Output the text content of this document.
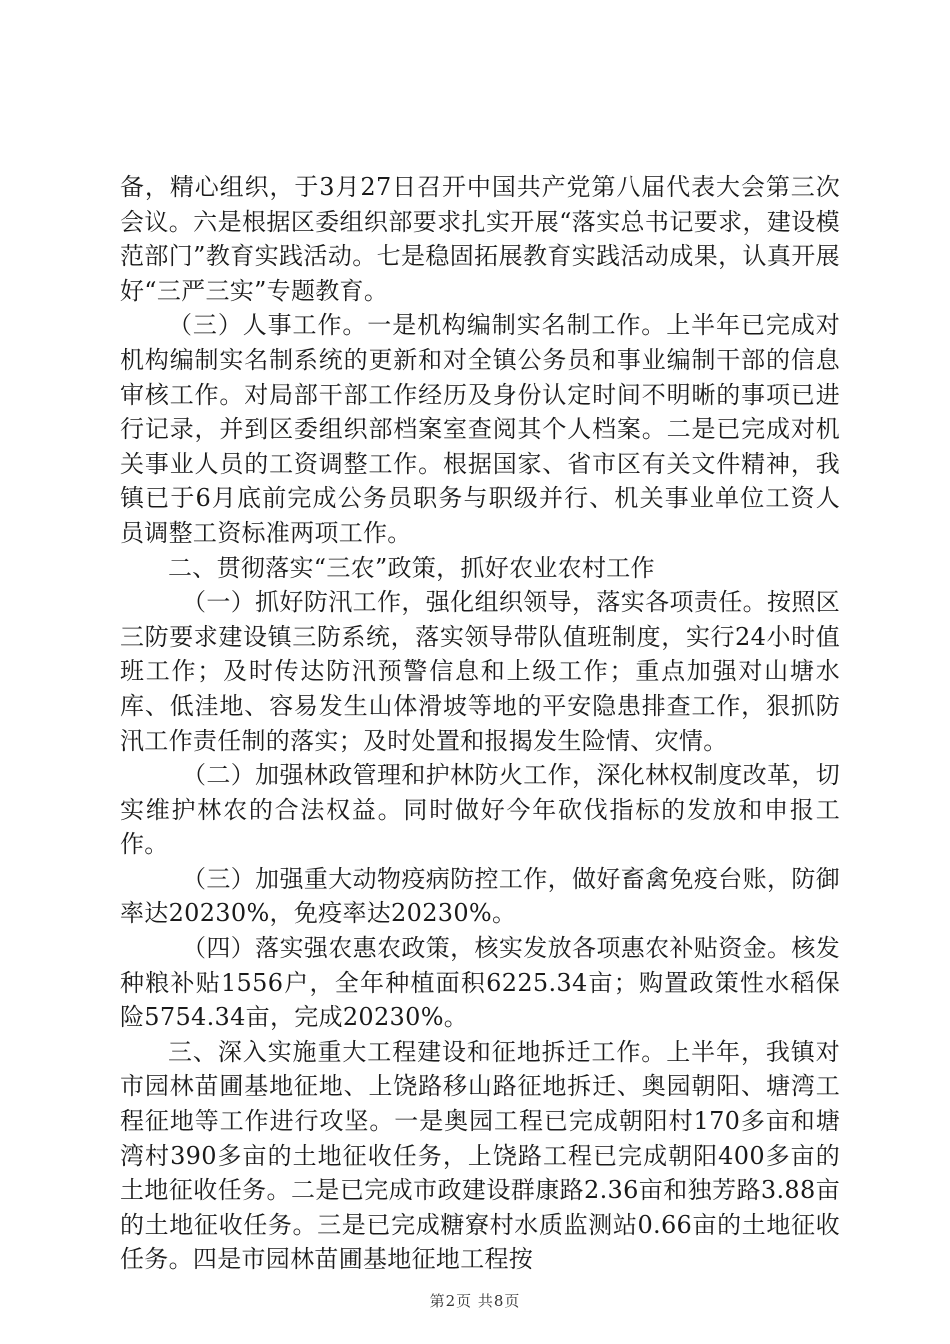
备，精心组织，于3月27日召开中国共产党第八届代表大会第三次会议。六是根据区委组织部要求扎实开展“落实总书记要求，建设模范部门”教育实践活动。七是稳固拓展教育实践活动成果，认真开展好“三严三实”专题教育。

（三）人事工作。一是机构编制实名制工作。上半年已完成对机构编制实名制系统的更新和对全镇公务员和事业编制干部的信息审核工作。对局部干部工作经历及身份认定时间不明晰的事项已进行记录，并到区委组织部档案室查阅其个人档案。二是已完成对机关事业人员的工资调整工作。根据国家、省市区有关文件精神，我镇已于6月底前完成公务员职务与职级并行、机关事业单位工资人员调整工资标准两项工作。

二、贯彻落实“三农”政策，抓好农业农村工作

（一）抓好防汛工作，强化组织领导，落实各项责任。按照区三防要求建设镇三防系统，落实领导带队值班制度，实行24小时值班工作；及时传达防汛预警信息和上级工作；重点加强对山塘水库、低洼地、容易发生山体滑坡等地的平安隐患排查工作，狠抓防汛工作责任制的落实；及时处置和报揭发生险情、灾情。

（二）加强林政管理和护林防火工作，深化林权制度改革，切实维护林农的合法权益。同时做好今年砍伐指标的发放和申报工作。

（三）加强重大动物疫病防控工作，做好畜禽免疫台账，防御率达20230%，免疫率达20230%。

（四）落实强农惠农政策，核实发放各项惠农补贴资金。核发种粮补贴1556户，全年种植面积6225.34亩；购置政策性水稻保险5754.34亩，完成20230%。

三、深入实施重大工程建设和征地拆迁工作。上半年，我镇对市园林苗圃基地征地、上饶路移山路征地拆迁、奥园朝阳、塘湾工程征地等工作进行攻坚。一是奥园工程已完成朝阳村170多亩和塘湾村390多亩的土地征收任务，上饶路工程已完成朝阳400多亩的土地征收任务。二是已完成市政建设群康路2.36亩和独芳路3.88亩的土地征收任务。三是已完成糖寮村水质监测站0.66亩的土地征收任务。四是市园林苗圃基地征地工程按

第2页 共8页
